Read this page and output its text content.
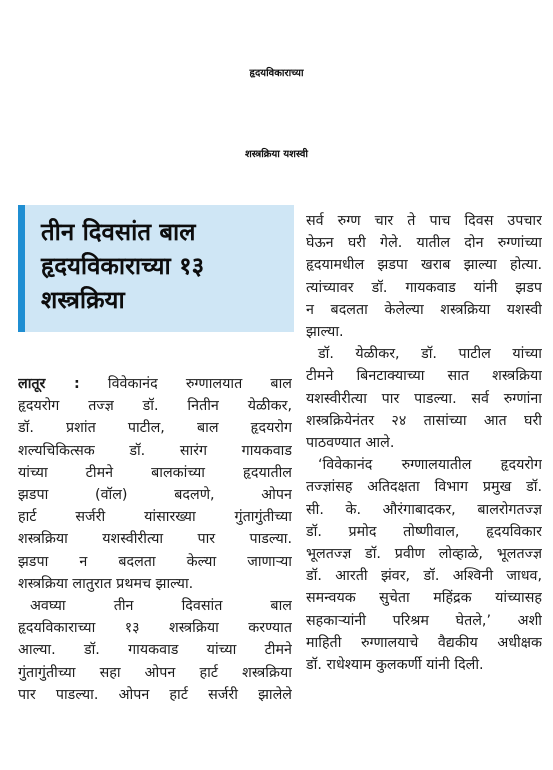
हृदयविकाराच्या
शस्त्रक्रिया यशस्वी
तीन दिवसांत बाल
हृदयविकाराच्या १३
शस्त्रक्रिया
लातूर : विवेकानंद रुग्णालयात बाल
हृदयरोग तज्ज्ञ डॉ. नितीन येळीकर,
डॉ. प्रशांत पाटील, बाल हृदयरोग
शल्यचिकित्सक डॉ. सारंग गायकवाड
यांच्या टीमने बालकांच्या हृदयातील
झडपा (वॉल) बदलणे, ओपन
हार्ट सर्जरी यांसारख्या गुंतागुंतीच्या
शस्त्रक्रिया यशस्वीरीत्या पार पाडल्या.
झडपा न बदलता केल्या जाणाऱ्या
शस्त्रक्रिया लातुरात प्रथमच झाल्या.
अवघ्या तीन दिवसांत बाल
हृदयविकाराच्या १३ शस्त्रक्रिया करण्यात
आल्या. डॉ. गायकवाड यांच्या टीमने
गुंतागुंतीच्या सहा ओपन हार्ट शस्त्रक्रिया
पार पाडल्या. ओपन हार्ट सर्जरी झालेले
सर्व रुग्ण चार ते पाच दिवस उपचार
घेऊन घरी गेले. यातील दोन रुग्णांच्या
हृदयामधील झडपा खराब झाल्या होत्या.
त्यांच्यावर डॉ. गायकवाड यांनी झडप
न बदलता केलेल्या शस्त्रक्रिया यशस्वी
झाल्या.
डॉ. येळीकर, डॉ. पाटील यांच्या
टीमने बिनटाक्याच्या सात शस्त्रक्रिया
यशस्वीरीत्या पार पाडल्या. सर्व रुग्णांना
शस्त्रक्रियेनंतर २४ तासांच्या आत घरी
पाठवण्यात आले.
‘विवेकानंद रुग्णालयातील हृदयरोग
तज्ज्ञांसह अतिदक्षता विभाग प्रमुख डॉ.
सी. के. औरंगाबादकर, बालरोगतज्ज्ञ
डॉ. प्रमोद तोष्णीवाल, हृदयविकार
भूलतज्ज्ञ डॉ. प्रवीण लोव्हाळे, भूलतज्ज्ञ
डॉ. आरती झंवर, डॉ. अश्विनी जाधव,
समन्वयक सुचेता महिंद्रक यांच्यासह
सहकाऱ्यांनी परिश्रम घेतले,’ अशी
माहिती रुग्णालयाचे वैद्यकीय अधीक्षक
डॉ. राधेश्याम कुलकर्णी यांनी दिली.
